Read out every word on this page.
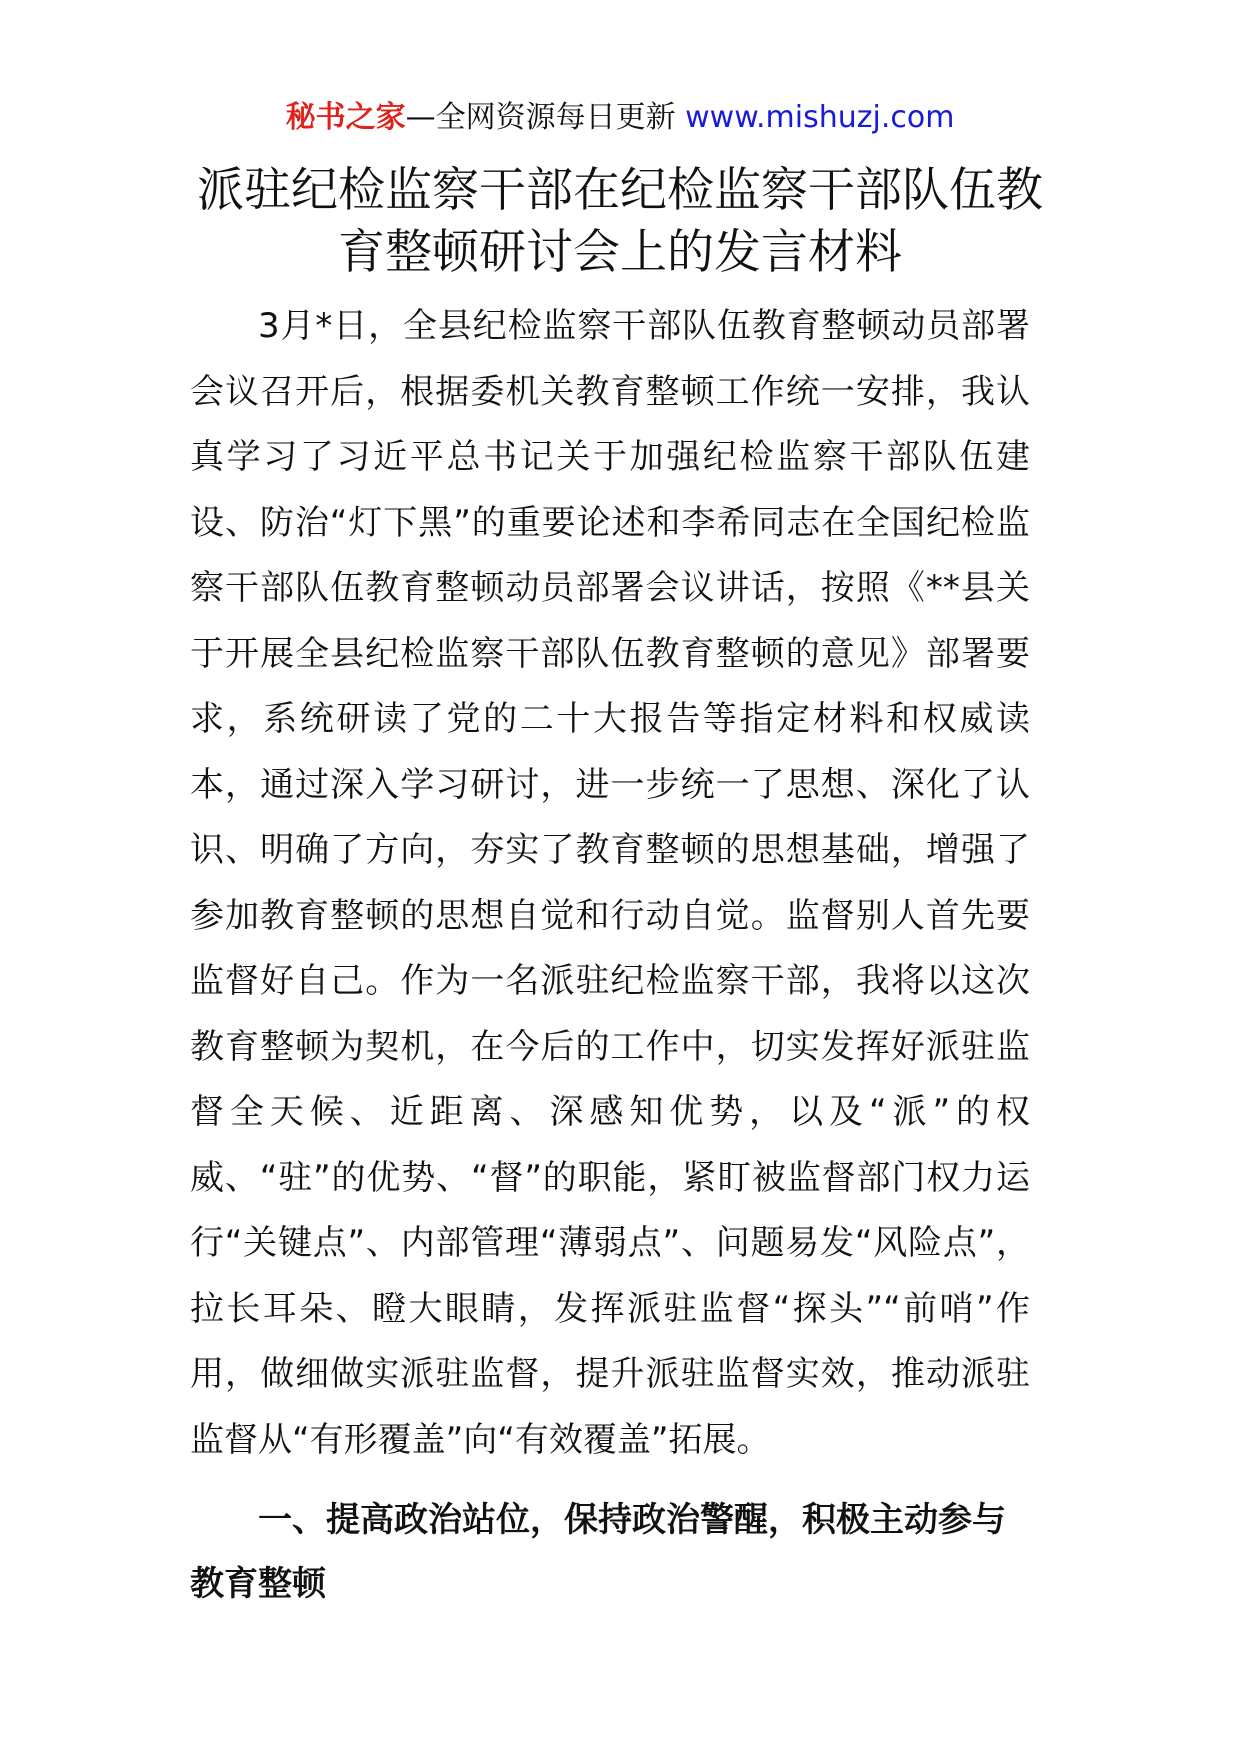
秘书之家—全网资源每日更新 www.mishuzj.com
派驻纪检监察干部在纪检监察干部队伍教
育整顿研讨会上的发言材料

3月*日，全县纪检监察干部队伍教育整顿动员部署会议召开后，根据委机关教育整顿工作统一安排，我认真学习了习近平总书记关于加强纪检监察干部队伍建设、防治“灯下黑”的重要论述和李希同志在全国纪检监察干部队伍教育整顿动员部署会议讲话，按照《**县关于开展全县纪检监察干部队伍教育整顿的意见》部署要求，系统研读了党的二十大报告等指定材料和权威读本，通过深入学习研讨，进一步统一了思想、深化了认识、明确了方向，夯实了教育整顿的思想基础，增强了参加教育整顿的思想自觉和行动自觉。监督别人首先要监督好自己。作为一名派驻纪检监察干部，我将以这次教育整顿为契机，在今后的工作中，切实发挥好派驻监督全天候、近距离、深感知优势，以及“派”的权威、“驻”的优势、“督”的职能，紧盯被监督部门权力运行“关键点”、内部管理“薄弱点”、问题易发“风险点”，拉长耳朵、瞪大眼睛，发挥派驻监督“探头”“前哨”作用，做细做实派驻监督，提升派驻监督实效，推动派驻监督从“有形覆盖”向“有效覆盖”拓展。

一、提高政治站位，保持政治警醒，积极主动参与教育整顿
